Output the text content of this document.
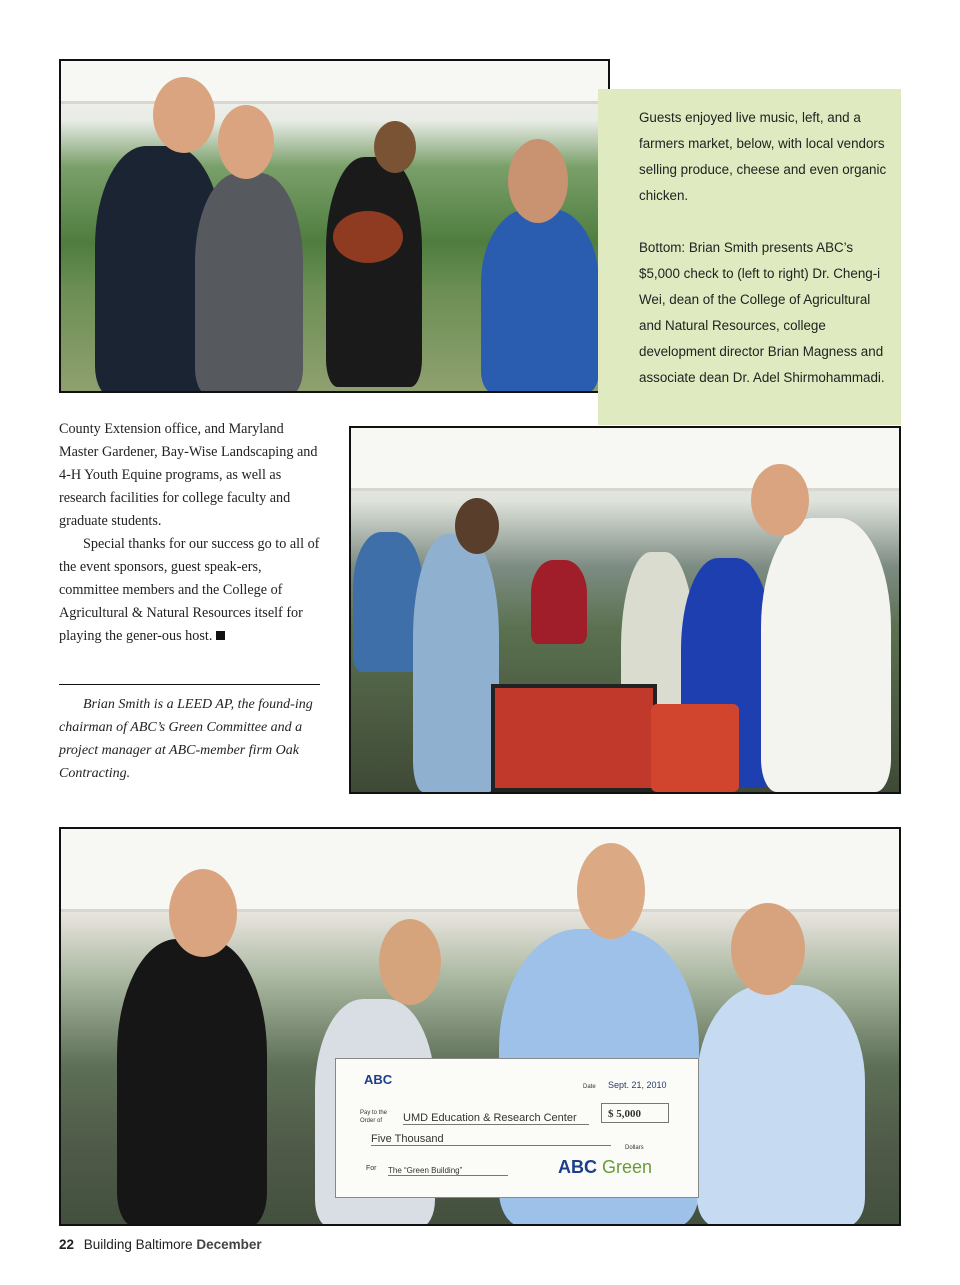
Guests enjoyed live music, left, and a farmers market, below, with local vendors selling produce, cheese and even organic chicken.

Bottom: Brian Smith presents ABC’s $5,000 check to (left to right) Dr. Cheng-i Wei, dean of the College of Agricultural and Natural Resources, college development director Brian Magness and associate dean Dr. Adel Shirmohammadi.

County Extension office, and Maryland Master Gardener, Bay-Wise Landscaping and 4-H Youth Equine programs, as well as research facilities for college faculty and graduate students.

Special thanks for our success go to all of the event sponsors, guest speak-ers, committee members and the College of Agricultural & Natural Resources itself for playing the gener-ous host.

Brian Smith is a LEED AP, the found-ing chairman of ABC’s Green Committee and a project manager at ABC-member firm Oak Contracting.
ABC	Date Sept. 21, 2010
Pay to the Order of	UMD Education & Research Center	$ 5,000
Five Thousand
Dollars
For The “Green Building”	ABC Green
22 Building Baltimore December
